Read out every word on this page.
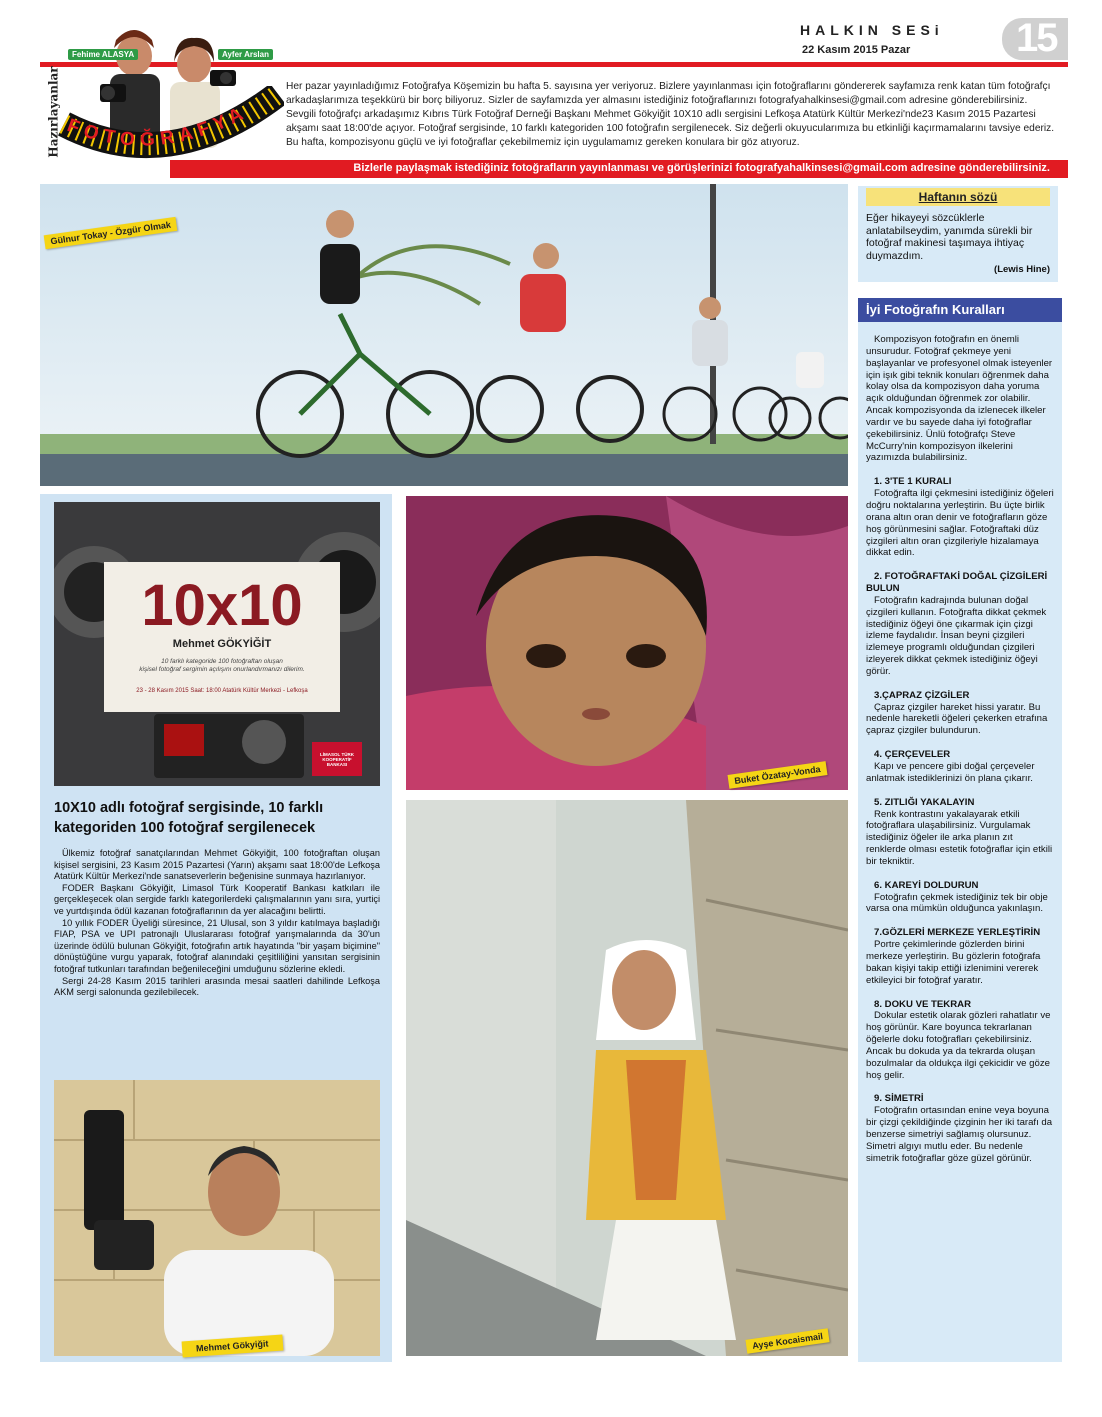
HALKIN SESi
22 Kasım 2015 Pazar	15
Hazırlayanlar
Fehime ALASYA	Ayfer Arslan
FOTOĞRAFYA

Her pazar yayınladığımız Fotoğrafya Köşemizin bu hafta 5. sayısına yer veriyoruz. Bizlere yayınlanması için fotoğraflarını göndererek sayfamıza renk katan tüm fotoğrafçı arkadaşlarımıza teşekkürü bir borç biliyoruz. Sizler de sayfamızda yer almasını istediğiniz fotoğraflarınızı fotografyahalkinsesi@gmail.com adresine gönderebilirsiniz. Sevgili fotoğrafçı arkadaşımız Kıbrıs Türk Fotoğraf Derneği Başkanı Mehmet Gökyiğit 10X10 adlı sergisini Lefkoşa Atatürk Kültür Merkezi'nde23 Kasım 2015 Pazartesi akşamı saat 18:00'de açıyor. Fotoğraf sergisinde, 10 farklı kategoriden 100 fotoğrafın sergilenecek. Siz değerli okuyucularımıza bu etkinliği kaçırmamalarını tavsiye ederiz. Bu hafta, kompozisyonu güçlü ve iyi fotoğraflar çekebilmemiz için uygulamamız gereken konulara bir göz atıyoruz.

Bizlerle paylaşmak istediğiniz fotoğrafların yayınlanması ve görüşlerinizi fotografyahalkinsesi@gmail.com adresine gönderebilirsiniz.
Gülnur Tokay - Özgür Olmak
10x10
Mehmet GÖKYİĞİT
10 farklı kategoride 100 fotoğraftan oluşan
kişisel fotoğraf sergimin açılışını onurlandırmanızı dilerim.
23 - 28 Kasım 2015 Saat: 18:00 Atatürk Kültür Merkezi - Lefkoşa
LİMASOL TÜRK KOOPERATİF BANKASI
10X10 adlı fotoğraf sergisinde, 10 farklı kategoriden 100 fotoğraf sergilenecek

Ülkemiz fotoğraf sanatçılarından Mehmet Gökyiğit, 100 fotoğraftan oluşan kişisel sergisini, 23 Kasım 2015 Pazartesi (Yarın) akşamı saat 18:00'de Lefkoşa Atatürk Kültür Merkezi'nde sanatseverlerin beğenisine sunmaya hazırlanıyor.

FODER Başkanı Gökyiğit, Limasol Türk Kooperatif Bankası katkıları ile gerçekleşecek olan sergide farklı kategorilerdeki çalışmalarının yanı sıra, yurtiçi ve yurtdışında ödül kazanan fotoğraflarının da yer alacağını belirtti.

10 yıllık FODER Üyeliği süresince, 21 Ulusal, son 3 yıldır katılmaya başladığı FIAP, PSA ve UPI patronajlı Uluslararası fotoğraf yarışmalarında da 30'un üzerinde ödülü bulunan Gökyiğit, fotoğrafın artık hayatında "bir yaşam biçimine" dönüştüğüne vurgu yaparak, fotoğraf alanındaki çeşitliliğini yansıtan sergisinin fotoğraf tutkunları tarafından beğenileceğini umduğunu sözlerine ekledi.

Sergi 24-28 Kasım 2015 tarihleri arasında mesai saatleri dahilinde Lefkoşa AKM sergi salonunda gezilebilecek.

Mehmet Gökyiğit
Buket Özatay-Vonda
Ayşe Kocaismail
Haftanın sözü
Eğer hikayeyi sözcüklerle anlatabilseydim, yanımda sürekli bir fotoğraf makinesi taşımaya ihtiyaç duymazdım.
(Lewis Hine)
İyi Fotoğrafın Kuralları

Kompozisyon fotoğrafın en önemli unsurudur. Fotoğraf çekmeye yeni başlayanlar ve profesyonel olmak isteyenler için işık gibi teknik konuları öğrenmek daha kolay olsa da kompozisyon daha yoruma açık olduğundan öğrenmek zor olabilir. Ancak kompozisyonda da izlenecek ilkeler vardır ve bu sayede daha iyi fotoğraflar çekebilirsiniz. Ünlü fotoğrafçı Steve McCurry'nin kompozisyon ilkelerini yazımızda bulabilirsiniz.

1. 3'TE 1 KURALI

Fotoğrafta ilgi çekmesini istediğiniz öğeleri doğru noktalarına yerleştirin. Bu üçte birlik orana altın oran denir ve fotoğrafların göze hoş görünmesini sağlar. Fotoğraftaki düz çizgileri altın oran çizgileriyle hizalamaya dikkat edin.

2. FOTOĞRAFTAKİ DOĞAL ÇİZGİLERİ BULUN

Fotoğrafın kadrajında bulunan doğal çizgileri kullanın. Fotoğrafta dikkat çekmek istediğiniz öğeyi öne çıkarmak için çizgi izleme faydalıdır. İnsan beyni çizgileri izlemeye programlı olduğundan çizgileri izleyerek dikkat çekmek istediğiniz öğeyi görür.

3.ÇAPRAZ ÇİZGİLER

Çapraz çizgiler hareket hissi yaratır. Bu nedenle hareketli öğeleri çekerken etrafına çapraz çizgiler bulundurun.

4. ÇERÇEVELER

Kapı ve pencere gibi doğal çerçeveler anlatmak istediklerinizi ön plana çıkarır.

5. ZITLIĞI YAKALAYIN

Renk kontrastını yakalayarak etkili fotoğraflara ulaşabilirsiniz. Vurgulamak istediğiniz öğeler ile arka planın zıt renklerde olması estetik fotoğraflar için etkili bir tekniktir.

6. KAREYİ DOLDURUN

Fotoğrafın çekmek istediğiniz tek bir obje varsa ona mümkün olduğunca yakınlaşın.

7.GÖZLERİ MERKEZE YERLEŞTİRİN

Portre çekimlerinde gözlerden birini merkeze yerleştirin. Bu gözlerin fotoğrafa bakan kişiyi takip ettiği izlenimini vererek etkileyici bir fotoğraf yaratır.

8. DOKU VE TEKRAR

Dokular estetik olarak gözleri rahatlatır ve hoş görünür. Kare boyunca tekrarlanan öğelerle doku fotoğrafları çekebilirsiniz. Ancak bu dokuda ya da tekrarda oluşan bozulmalar da oldukça ilgi çekicidir ve göze hoş gelir.

9. SİMETRİ

Fotoğrafın ortasından enine veya boyuna bir çizgi çekildiğinde çizginin her iki tarafı da benzerse simetriyi sağlamış olursunuz. Simetri algıyı mutlu eder. Bu nedenle simetrik fotoğraflar göze güzel görünür.
